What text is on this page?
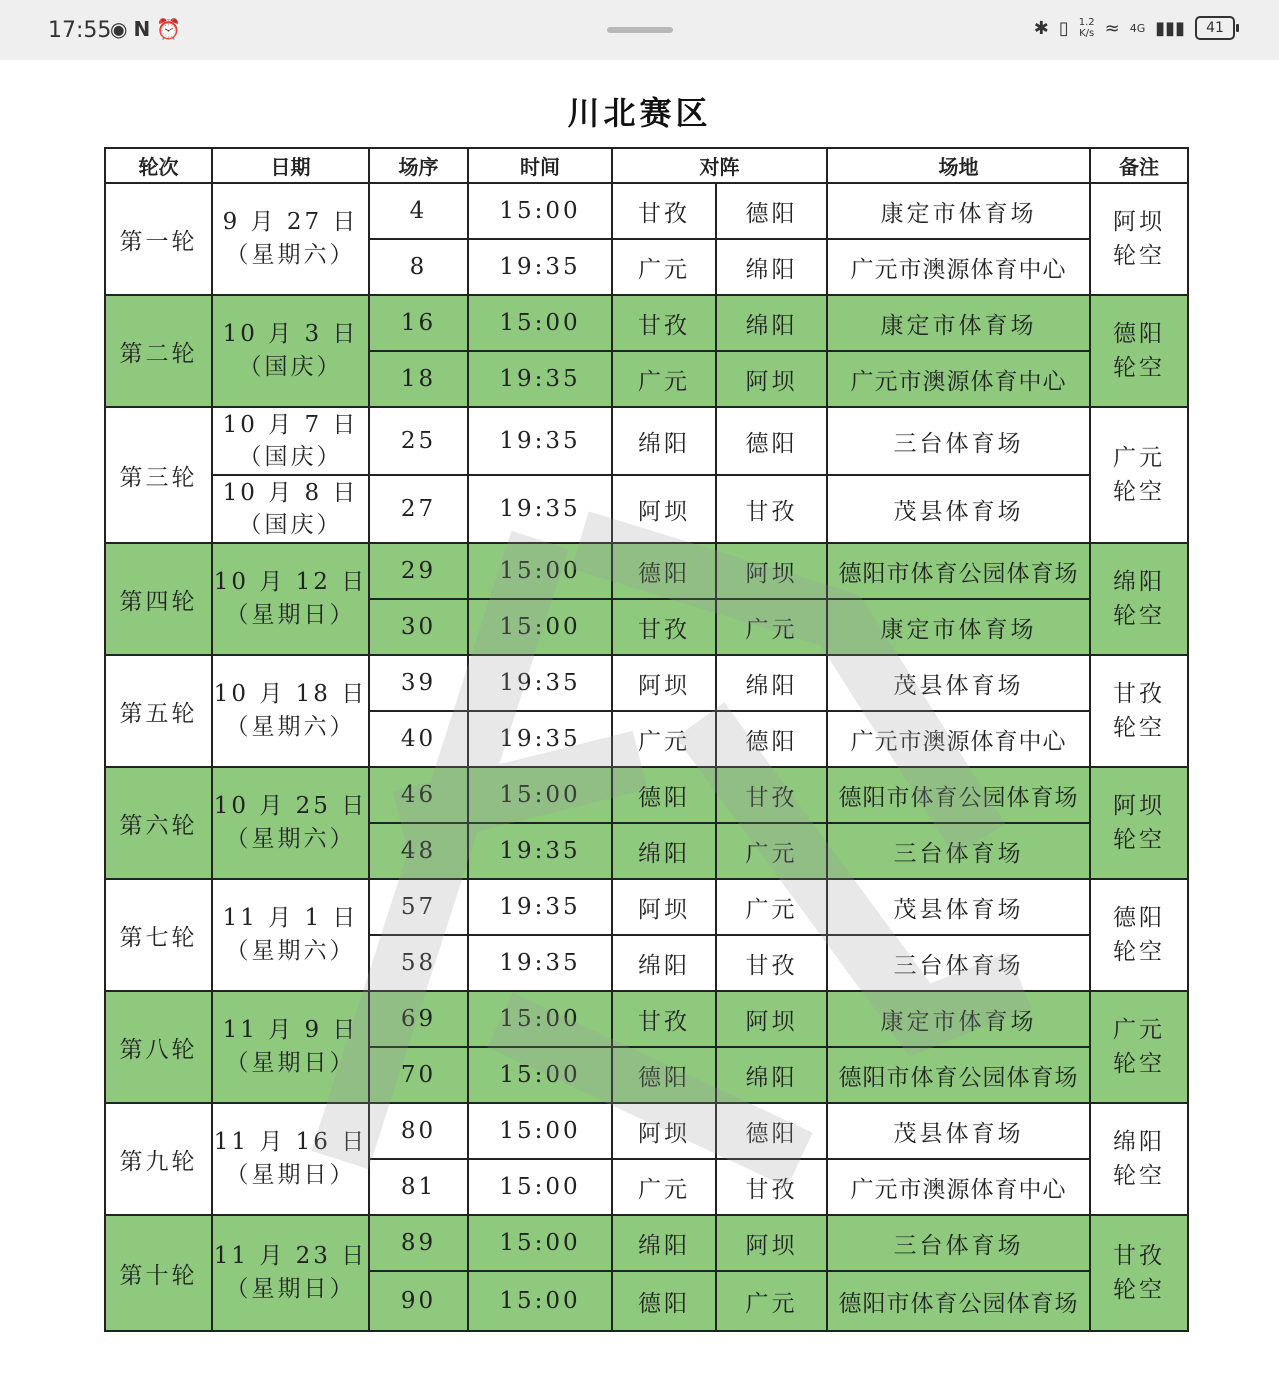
17:55
◉ N ⏰	✱ ▯ 1.2
K/s ≈ 4G ▮▮▮	41
川北赛区
轮次	日期	场序	时间	对阵		场地	备注
第一轮	9 月 27 日
（星期六）	4	15:00	甘孜	德阳	康定市体育场	阿坝
轮空

		8	19:35	广元	绵阳	广元市澳源体育中心	
第二轮	10 月 3 日
（国庆）	16	15:00	甘孜	绵阳	康定市体育场	德阳
轮空

		18	19:35	广元	阿坝	广元市澳源体育中心	
第三轮	10 月 7 日
（国庆）	25	19:35	绵阳	德阳	三台体育场	广元
轮空

	10 月 8 日
（国庆）	27	19:35	阿坝	甘孜	茂县体育场	
第四轮	10 月 12 日
（星期日）	29	15:00	德阳	阿坝	德阳市体育公园体育场	绵阳
轮空

		30	15:00	甘孜	广元	康定市体育场	
第五轮	10 月 18 日
（星期六）	39	19:35	阿坝	绵阳	茂县体育场	甘孜
轮空

		40	19:35	广元	德阳	广元市澳源体育中心	
第六轮	10 月 25 日
（星期六）	46	15:00	德阳	甘孜	德阳市体育公园体育场	阿坝
轮空

		48	19:35	绵阳	广元	三台体育场	
第七轮	11 月 1 日
（星期六）	57	19:35	阿坝	广元	茂县体育场	德阳
轮空

		58	19:35	绵阳	甘孜	三台体育场	
第八轮	11 月 9 日
（星期日）	69	15:00	甘孜	阿坝	康定市体育场	广元
轮空

		70	15:00	德阳	绵阳	德阳市体育公园体育场	
第九轮	11 月 16 日
（星期日）	80	15:00	阿坝	德阳	茂县体育场	绵阳
轮空

		81	15:00	广元	甘孜	广元市澳源体育中心	
第十轮	11 月 23 日
（星期日）	89	15:00	绵阳	阿坝	三台体育场	甘孜
轮空

		90	15:00	德阳	广元	德阳市体育公园体育场	
